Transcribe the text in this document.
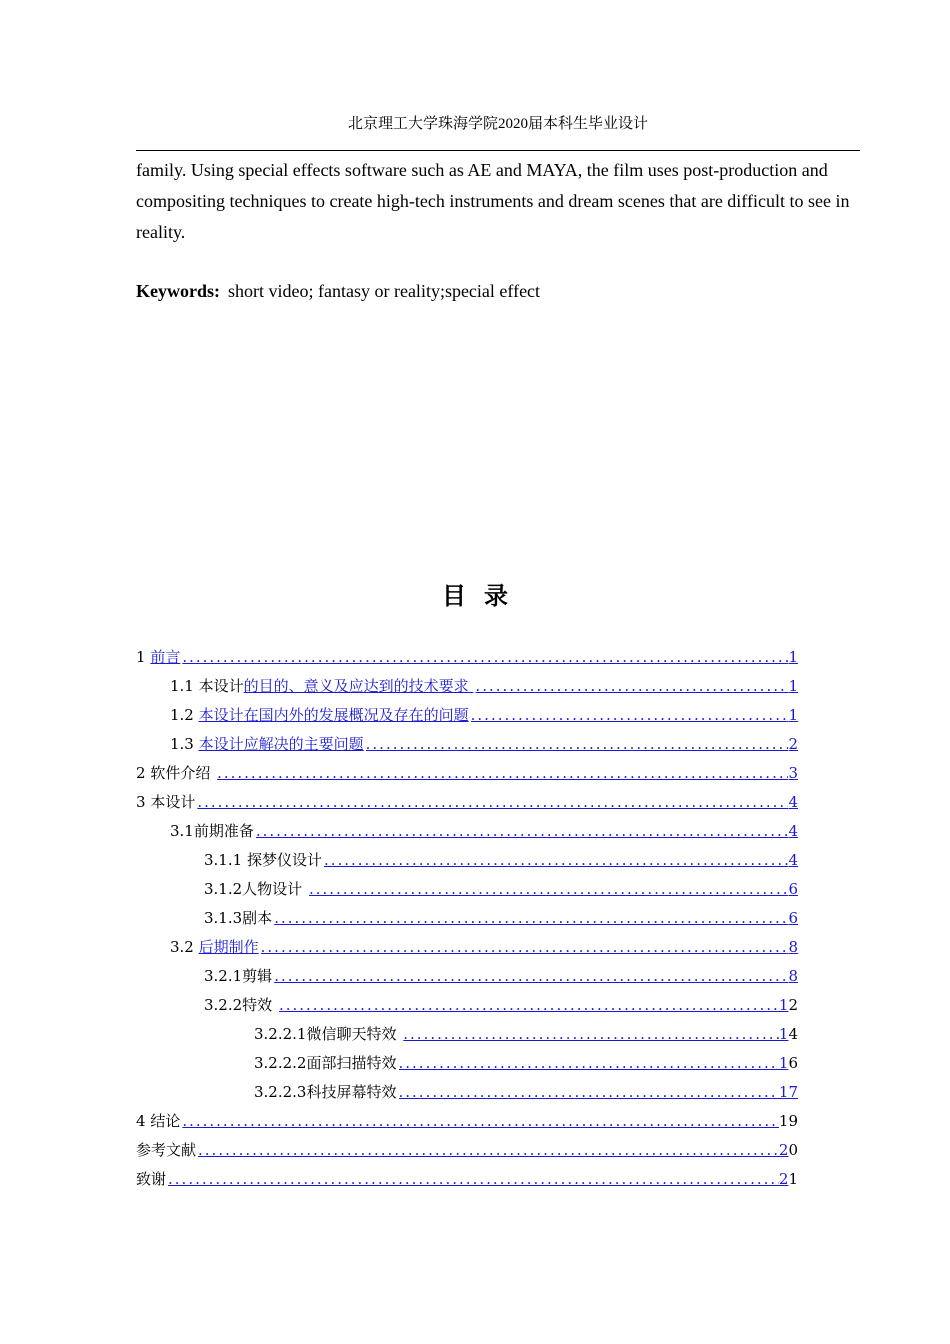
北京理工大学珠海学院2020届本科生毕业设计

family. Using special effects software such as AE and MAYA, the film uses post-production and compositing techniques to create high-tech instruments and dream scenes that are difficult to see in reality.

Keywords: short video; fantasy or reality;special effect
目录
1 前言 .....	1
1.1 本设计 的目的、意义及应达到的技术要求 .....	1
1.2 本设计在国内外的发展概况及存在的问题 .....	1
1.3 本设计应解决的主要问题 .....	2
2 软件介绍 .....	3
3 本设计 .....	4
3.1 前期准备 .....	4
3.1.1 探梦仪设计 .....	4
3.1.2 人物设计 .....	6
3.1.3 剧本 .....	6
3.2 后期制作 .....	8
3.2.1 剪辑 .....	8
3.2.2 特效 .....	1 2
3.2.2.1 微信聊天特效 .....	1 4
3.2.2.2 面部扫描特效 .....	1 6
3.2.2.3 科技屏幕特效 .....	17
4 结论 .....	19
参考文献 .....	2 0
致谢 .....	2 1
